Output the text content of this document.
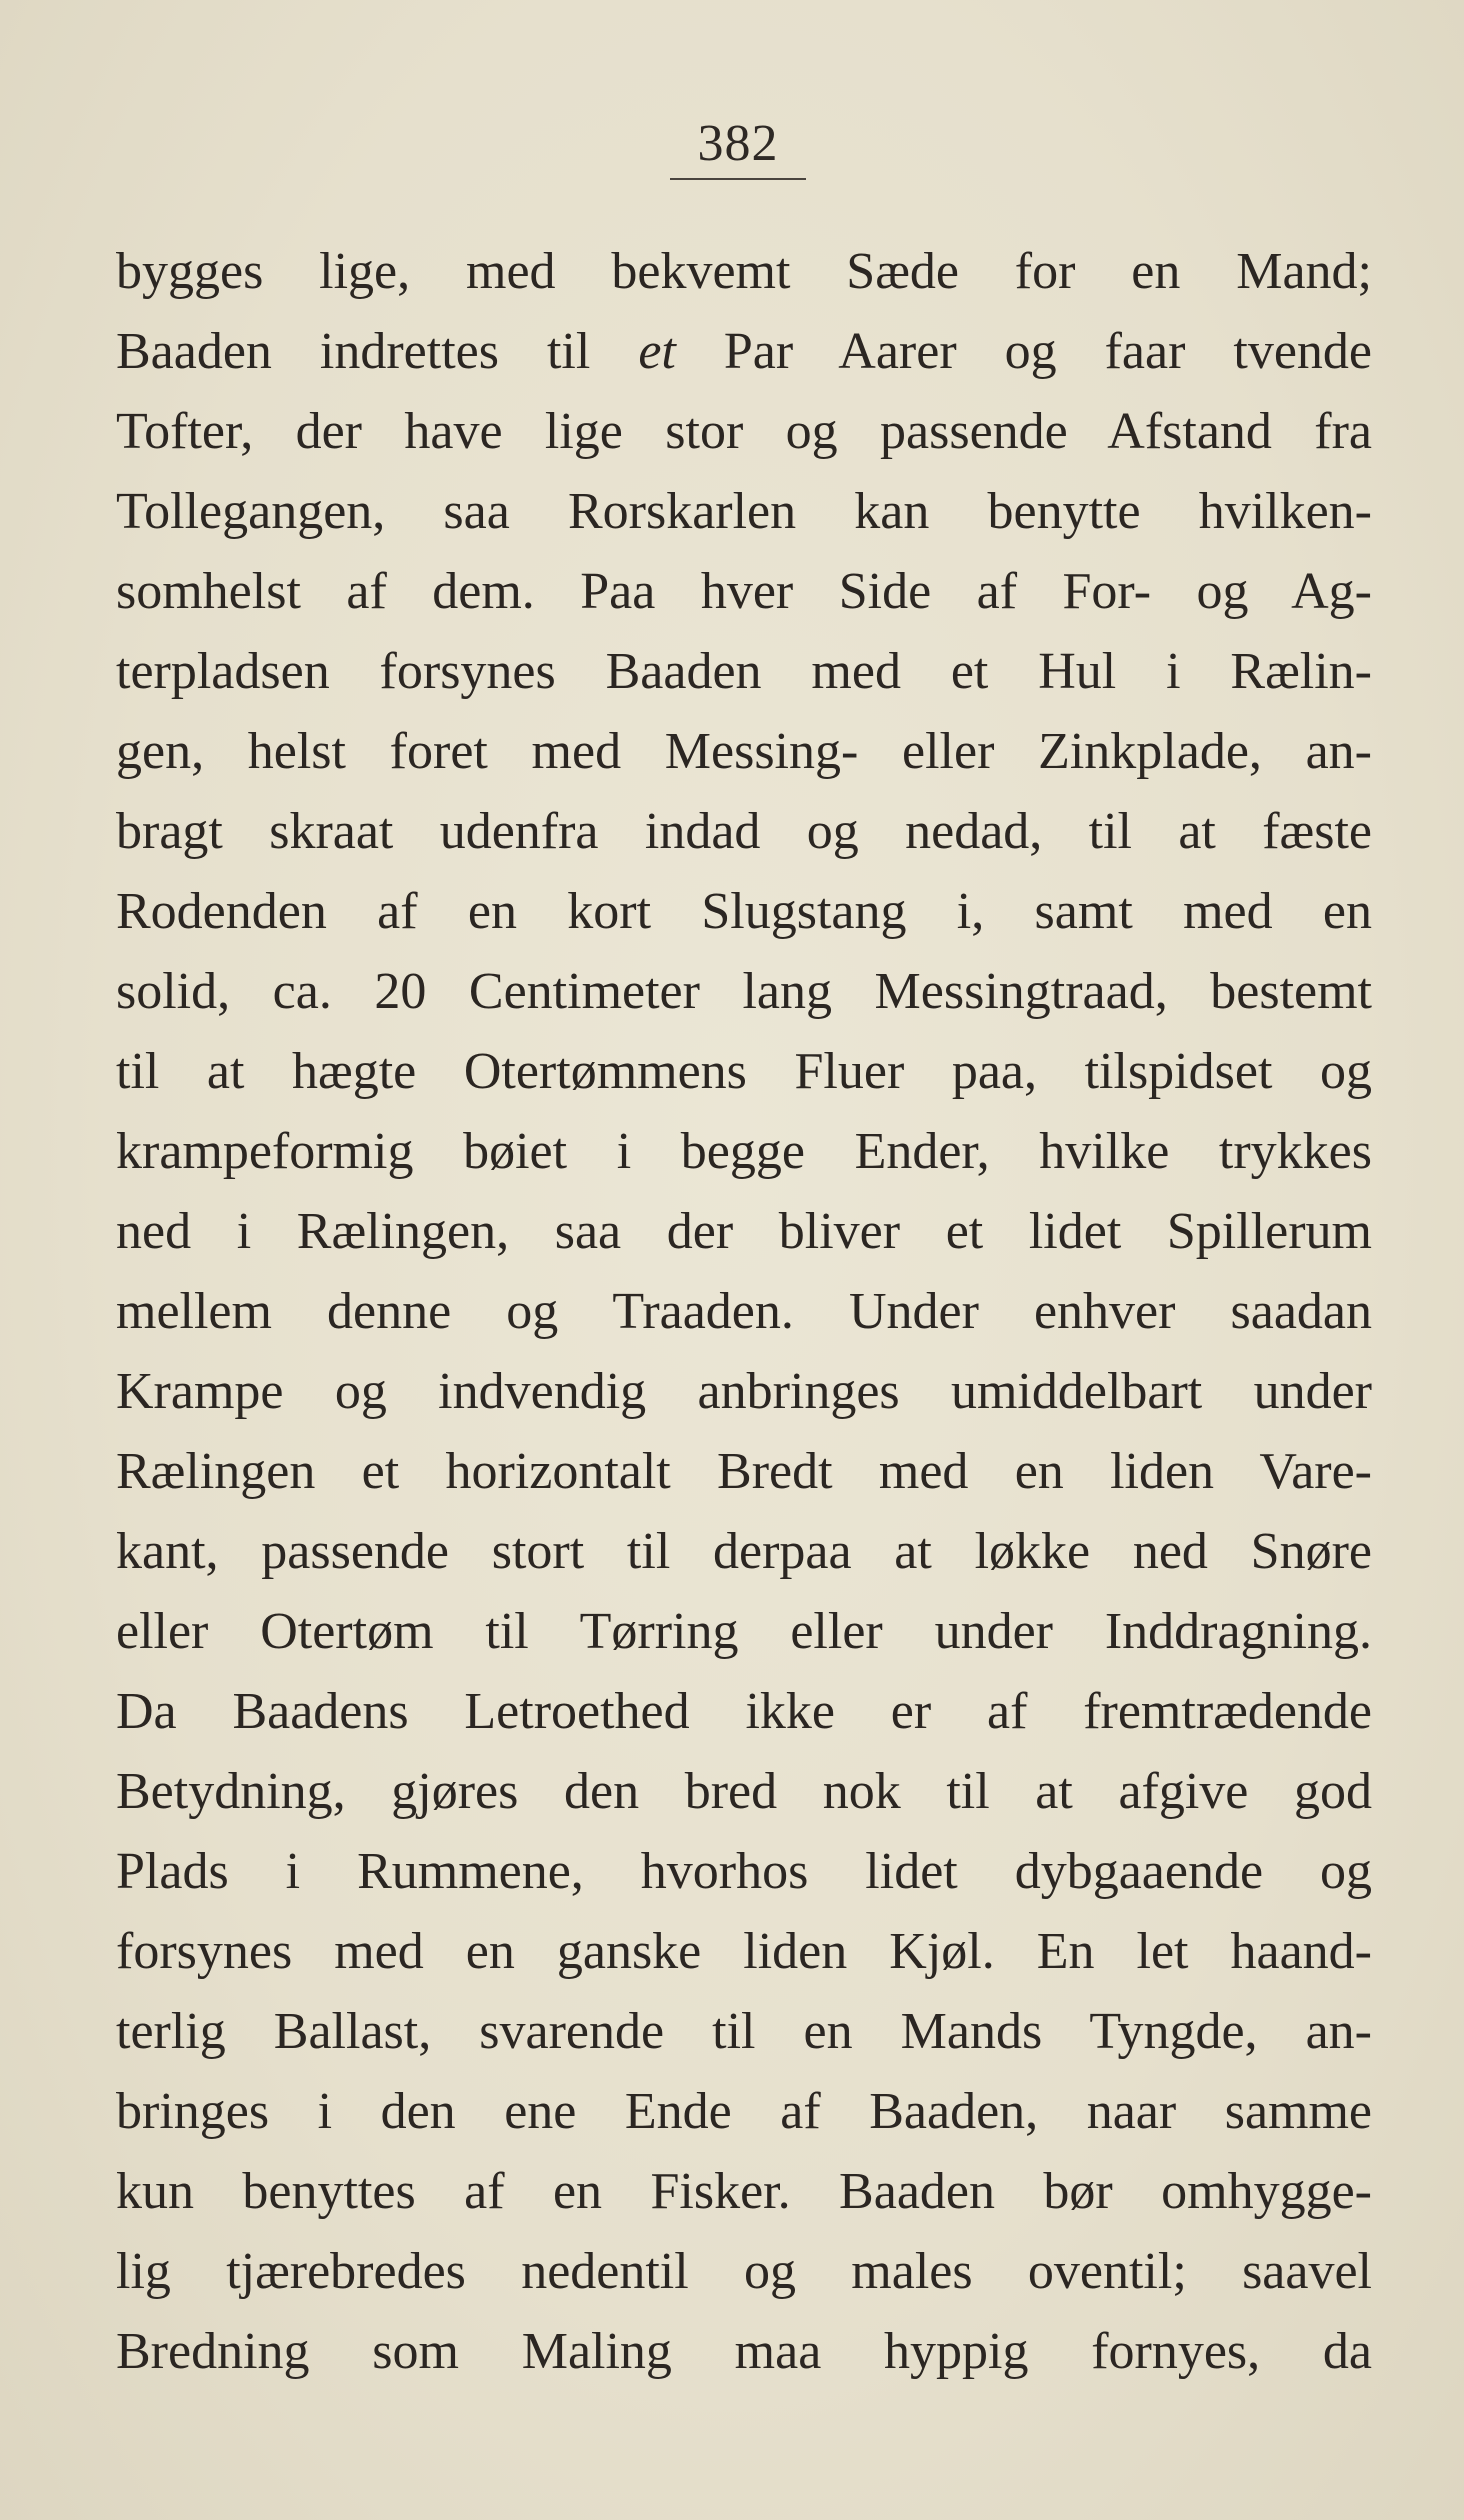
382
bygges lige, med bekvemt Sæde for en Mand;
Baaden indrettes til et Par Aarer og faar tvende
Tofter, der have lige stor og passende Afstand fra
Tollegangen, saa Rorskarlen kan benytte hvilken-
somhelst af dem. Paa hver Side af For- og Ag-
terpladsen forsynes Baaden med et Hul i Rælin-
gen, helst foret med Messing- eller Zinkplade, an-
bragt skraat udenfra indad og nedad, til at fæste
Rodenden af en kort Slugstang i, samt med en
solid, ca. 20 Centimeter lang Messingtraad, bestemt
til at hægte Otertømmens Fluer paa, tilspidset og
krampeformig bøiet i begge Ender, hvilke trykkes
ned i Rælingen, saa der bliver et lidet Spillerum
mellem denne og Traaden. Under enhver saadan
Krampe og indvendig anbringes umiddelbart under
Rælingen et horizontalt Bredt med en liden Vare-
kant, passende stort til derpaa at løkke ned Snøre
eller Otertøm til Tørring eller under Inddragning.
Da Baadens Letroethed ikke er af fremtrædende
Betydning, gjøres den bred nok til at afgive god
Plads i Rummene, hvorhos lidet dybgaaende og
forsynes med en ganske liden Kjøl. En let haand-
terlig Ballast, svarende til en Mands Tyngde, an-
bringes i den ene Ende af Baaden, naar samme
kun benyttes af en Fisker. Baaden bør omhygge-
lig tjærebredes nedentil og males oventil; saavel
Bredning som Maling maa hyppig fornyes, da
